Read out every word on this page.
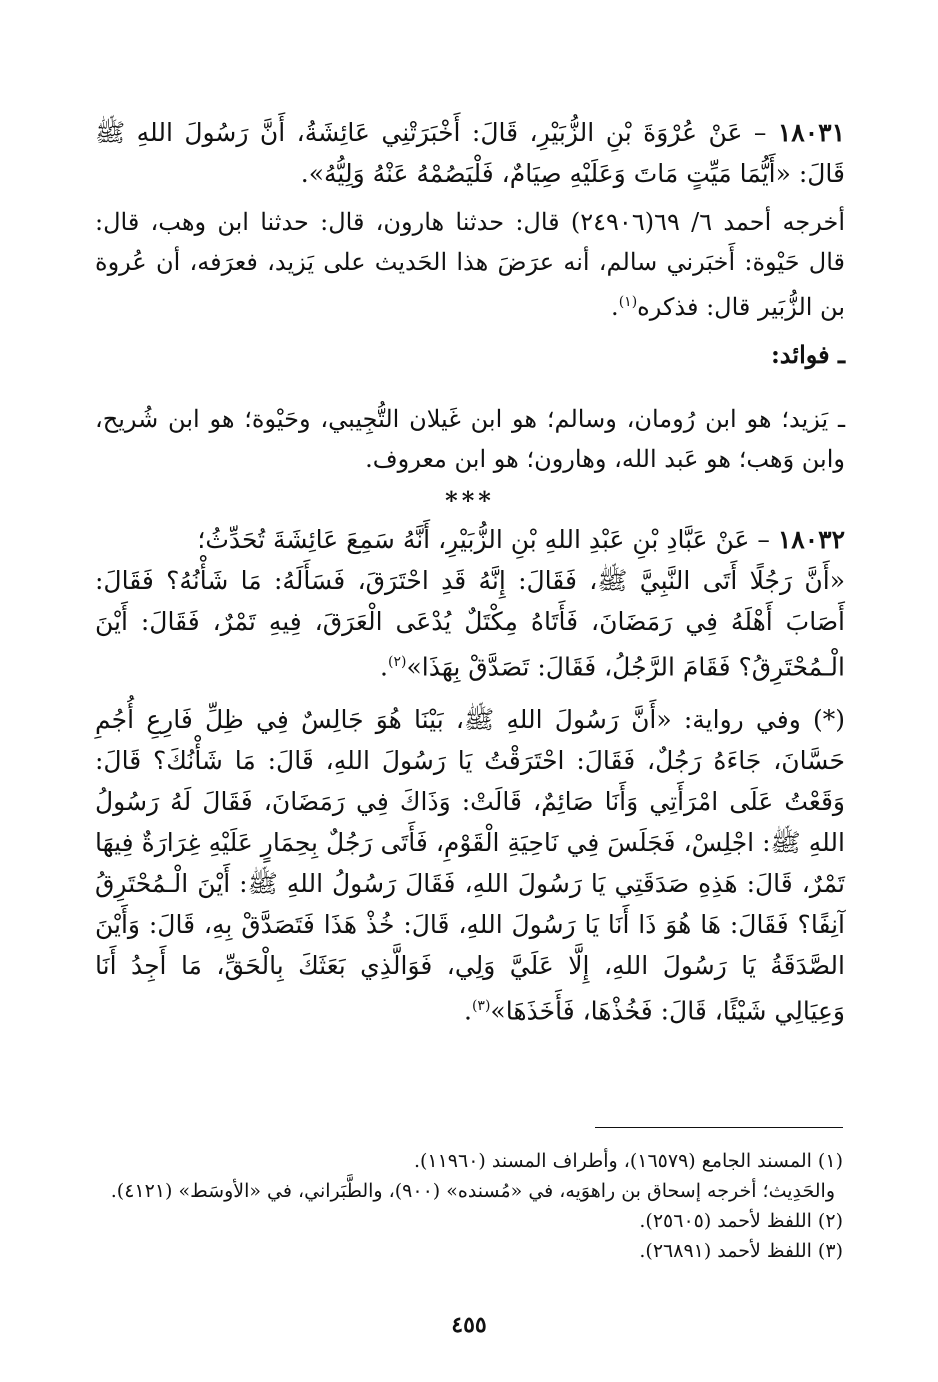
١٨٠٣١ – عَنْ عُرْوَةَ بْنِ الزُّبَيْرِ، قَالَ: أَخْبَرَتْنِي عَائِشَةُ، أَنَّ رَسُولَ اللهِ ﷺ قَالَ: «أَيُّمَا مَيِّتٍ مَاتَ وَعَلَيْهِ صِيَامٌ، فَلْيَصُمْهُ عَنْهُ وَلِيُّهُ».

أخرجه أحمد ٦/ ٦٩(٢٤٩٠٦) قال: حدثنا هارون، قال: حدثنا ابن وهب، قال: قال حَيْوة: أَخبَرني سالم، أنه عرَضَ هذا الحَديث على يَزيد، فعرَفه، أن عُروة بن الزُّبَير قال: فذكره$^{(١)}$.

ـ فوائد:

ـ يَزيد؛ هو ابن رُومان، وسالم؛ هو ابن غَيلان التُّجِيبي، وحَيْوة؛ هو ابن شُريح، وابن وَهب؛ هو عَبد الله، وهارون؛ هو ابن معروف.

***

١٨٠٣٢ – عَنْ عَبَّادِ بْنِ عَبْدِ اللهِ بْنِ الزُّبَيْرِ، أَنَّهُ سَمِعَ عَائِشَةَ تُحَدِّثُ؛

«أَنَّ رَجُلًا أَتَى النَّبِيَّ ﷺ، فَقَالَ: إِنَّهُ قَدِ احْتَرَقَ، فَسَأَلَهُ: مَا شَأْنُهُ؟ فَقَالَ: أَصَابَ أَهْلَهُ فِي رَمَضَانَ، فَأَتَاهُ مِكْتَلٌ يُدْعَى الْعَرَقَ، فِيهِ تَمْرٌ، فَقَالَ: أَيْنَ الْـمُحْتَرِقُ؟ فَقَامَ الرَّجُلُ، فَقَالَ: تَصَدَّقْ بِهَذَا»$^{(٢)}$.

(*) وفي رواية: «أَنَّ رَسُولَ اللهِ ﷺ، بَيْنَا هُوَ جَالِسٌ فِي ظِلِّ فَارِعِ أُجُمِ حَسَّانَ، جَاءَهُ رَجُلٌ، فَقَالَ: احْتَرَقْتُ يَا رَسُولَ اللهِ، قَالَ: مَا شَأْنُكَ؟ قَالَ: وَقَعْتُ عَلَى امْرَأَتِي وَأَنَا صَائِمٌ، قَالَتْ: وَذَاكَ فِي رَمَضَانَ، فَقَالَ لَهُ رَسُولُ اللهِ ﷺ: اجْلِسْ، فَجَلَسَ فِي نَاحِيَةِ الْقَوْمِ، فَأَتَى رَجُلٌ بِحِمَارٍ عَلَيْهِ غِرَارَةٌ فِيهَا تَمْرٌ، قَالَ: هَذِهِ صَدَقَتِي يَا رَسُولَ اللهِ، فَقَالَ رَسُولُ اللهِ ﷺ: أَيْنَ الْـمُحْتَرِقُ آنِفًا؟ فَقَالَ: هَا هُوَ ذَا أَنَا يَا رَسُولَ اللهِ، قَالَ: خُذْ هَذَا فَتَصَدَّقْ بِهِ، قَالَ: وَأَيْنَ الصَّدَقَةُ يَا رَسُولَ اللهِ، إِلَّا عَلَيَّ وَلِي، فَوَالَّذِي بَعَثَكَ بِالْحَقِّ، مَا أَجِدُ أَنَا وَعِيَالِي شَيْئًا، قَالَ: فَخُذْهَا، فَأَخَذَهَا»$^{(٣)}$.

(١) المسند الجامع (١٦٥٧٩)، وأطراف المسند (١١٩٦٠).

والحَدِيث؛ أخرجه إسحاق بن راهوَيه، في «مُسنده» (٩٠٠)، والطَّبَراني، في «الأوسَط» (٤١٢١).

(٢) اللفظ لأحمد (٢٥٦٠٥).

(٣) اللفظ لأحمد (٢٦٨٩١).

٤٥٥
